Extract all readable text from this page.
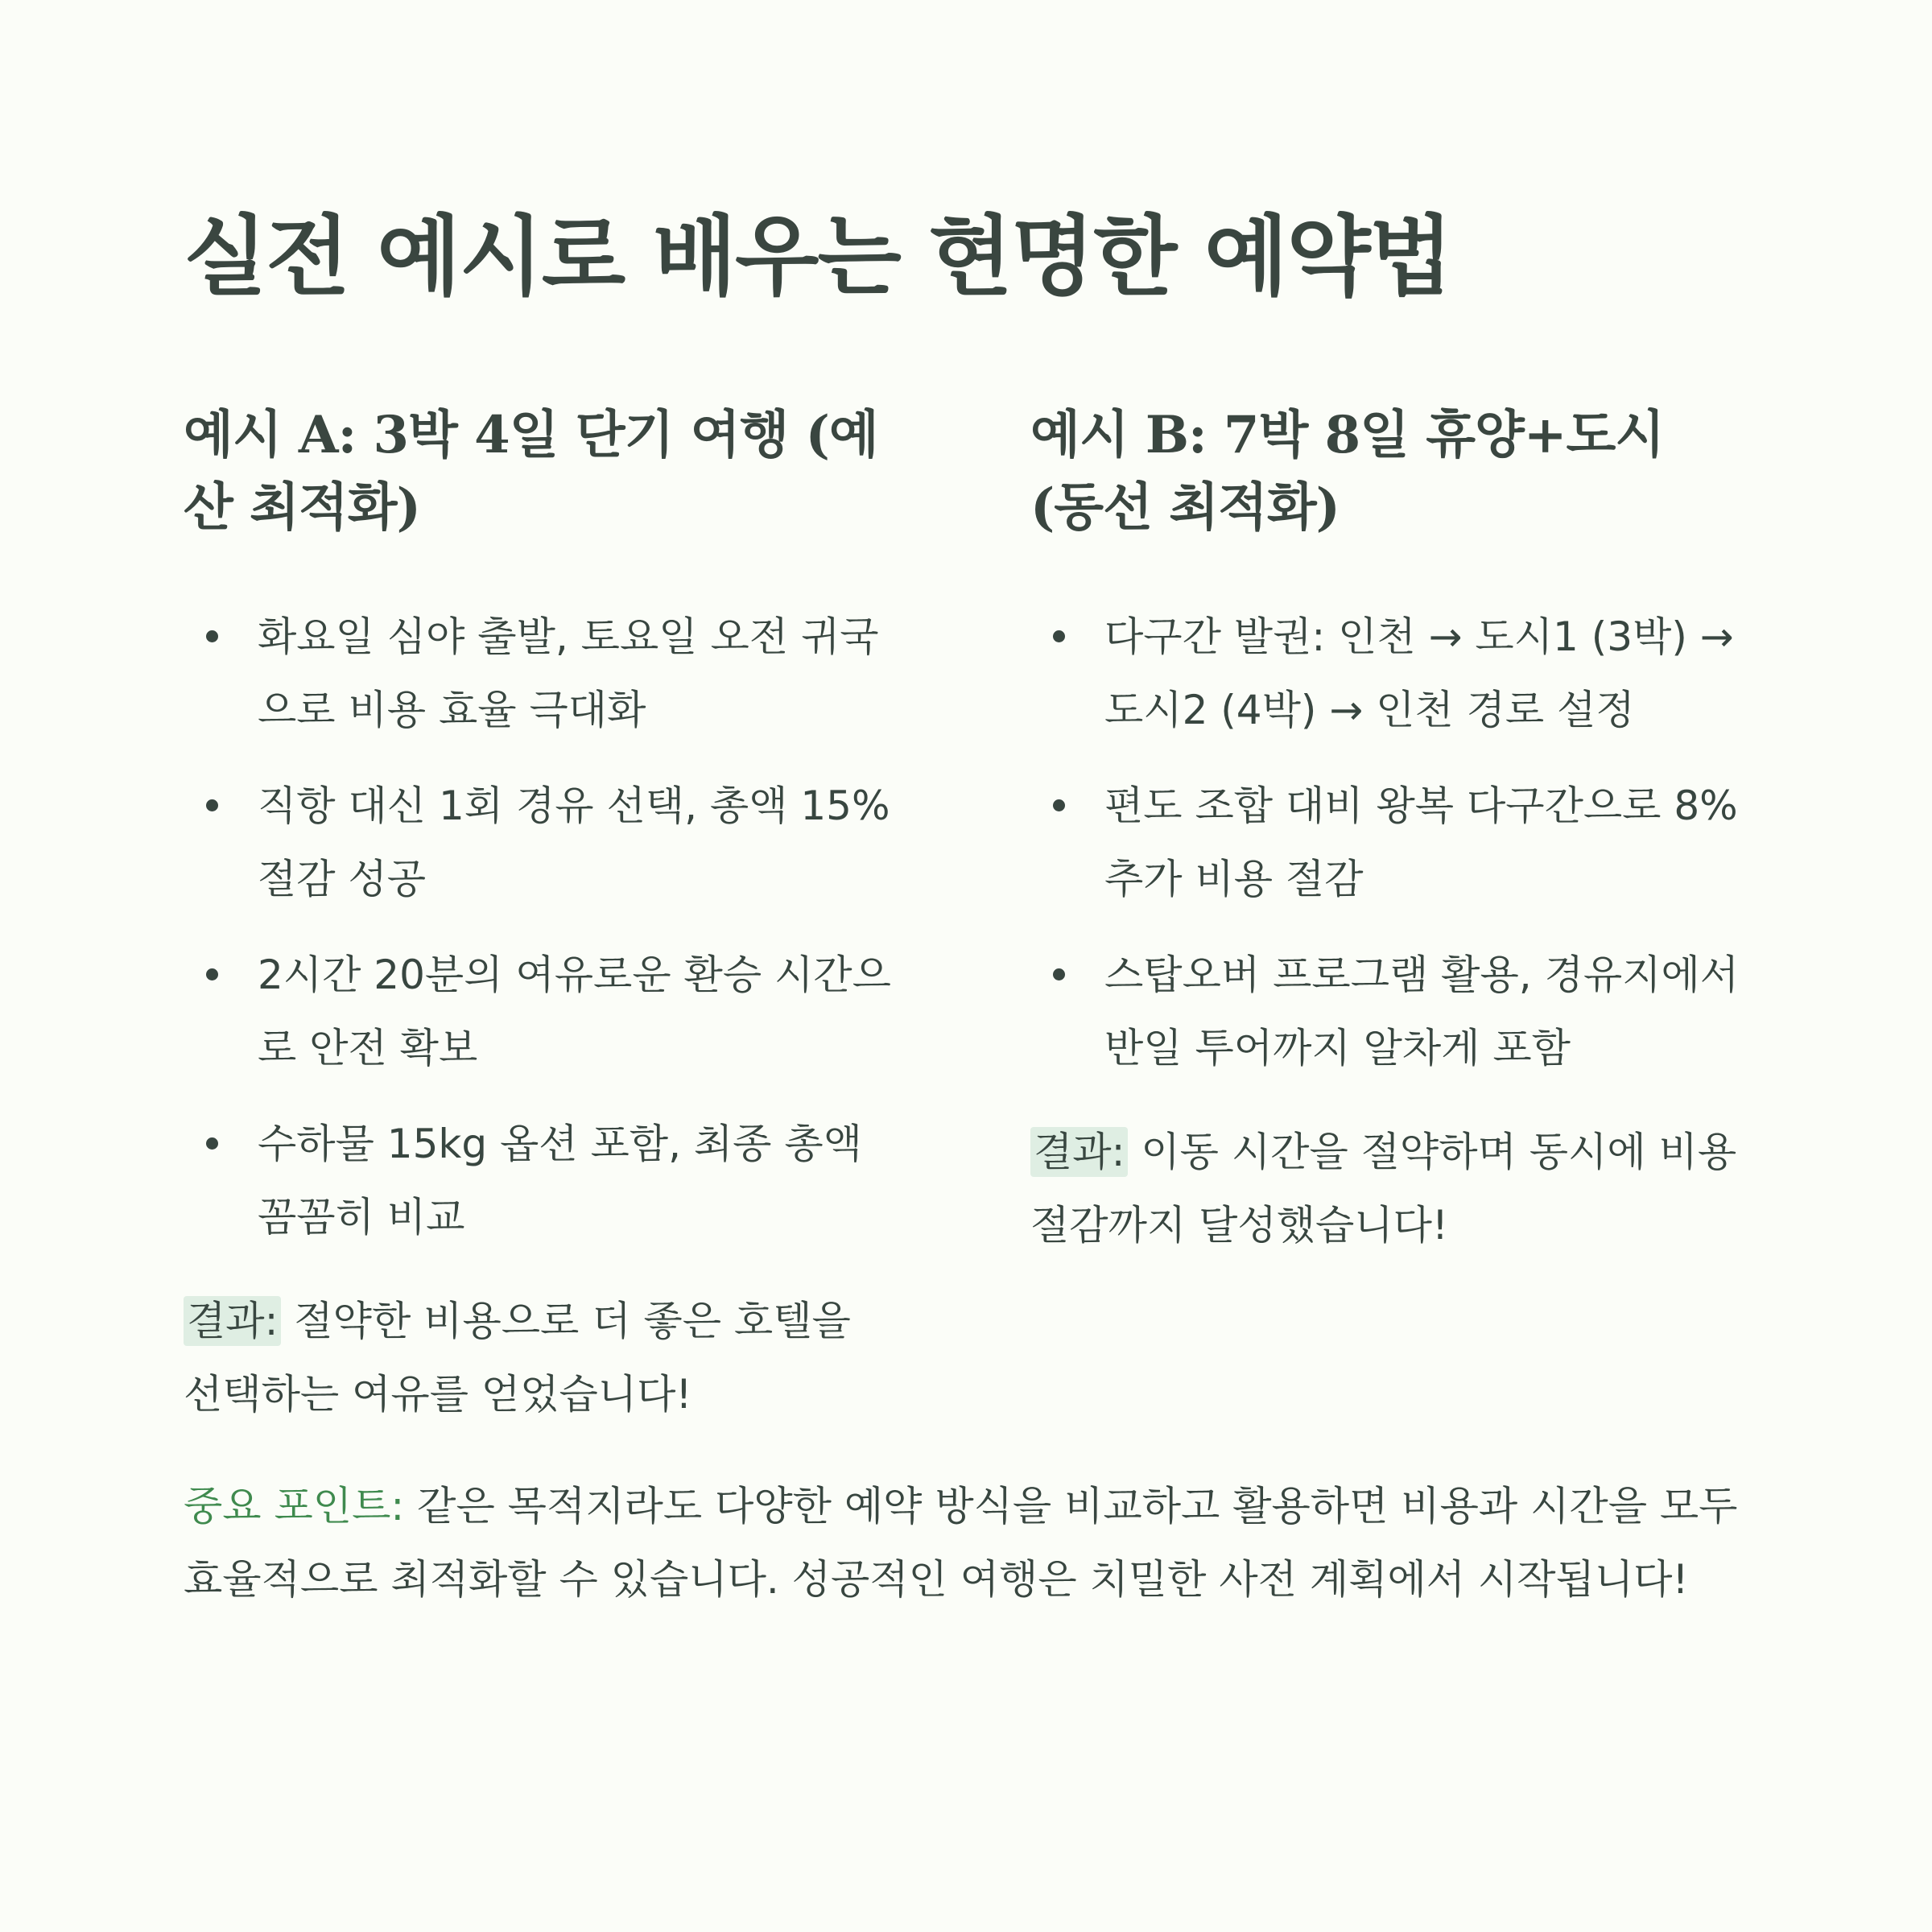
실전 예시로 배우는 현명한 예약법
예시 A: 3박 4일 단기 여행 (예산 최적화)
화요일 심야 출발, 토요일 오전 귀국으로 비용 효율 극대화
직항 대신 1회 경유 선택, 총액 15% 절감 성공
2시간 20분의 여유로운 환승 시간으로 안전 확보
수하물 15kg 옵션 포함, 최종 총액 꼼꼼히 비교

결과: 절약한 비용으로 더 좋은 호텔을 선택하는 여유를 얻었습니다!

예시 B: 7박 8일 휴양+도시 (동선 최적화)
다구간 발권: 인천 → 도시1 (3박) → 도시2 (4박) → 인천 경로 설정
편도 조합 대비 왕복 다구간으로 8% 추가 비용 절감
스탑오버 프로그램 활용, 경유지에서 반일 투어까지 알차게 포함

결과: 이동 시간을 절약하며 동시에 비용 절감까지 달성했습니다!

중요 포인트: 같은 목적지라도 다양한 예약 방식을 비교하고 활용하면 비용과 시간을 모두 효율적으로 최적화할 수 있습니다. 성공적인 여행은 치밀한 사전 계획에서 시작됩니다!
